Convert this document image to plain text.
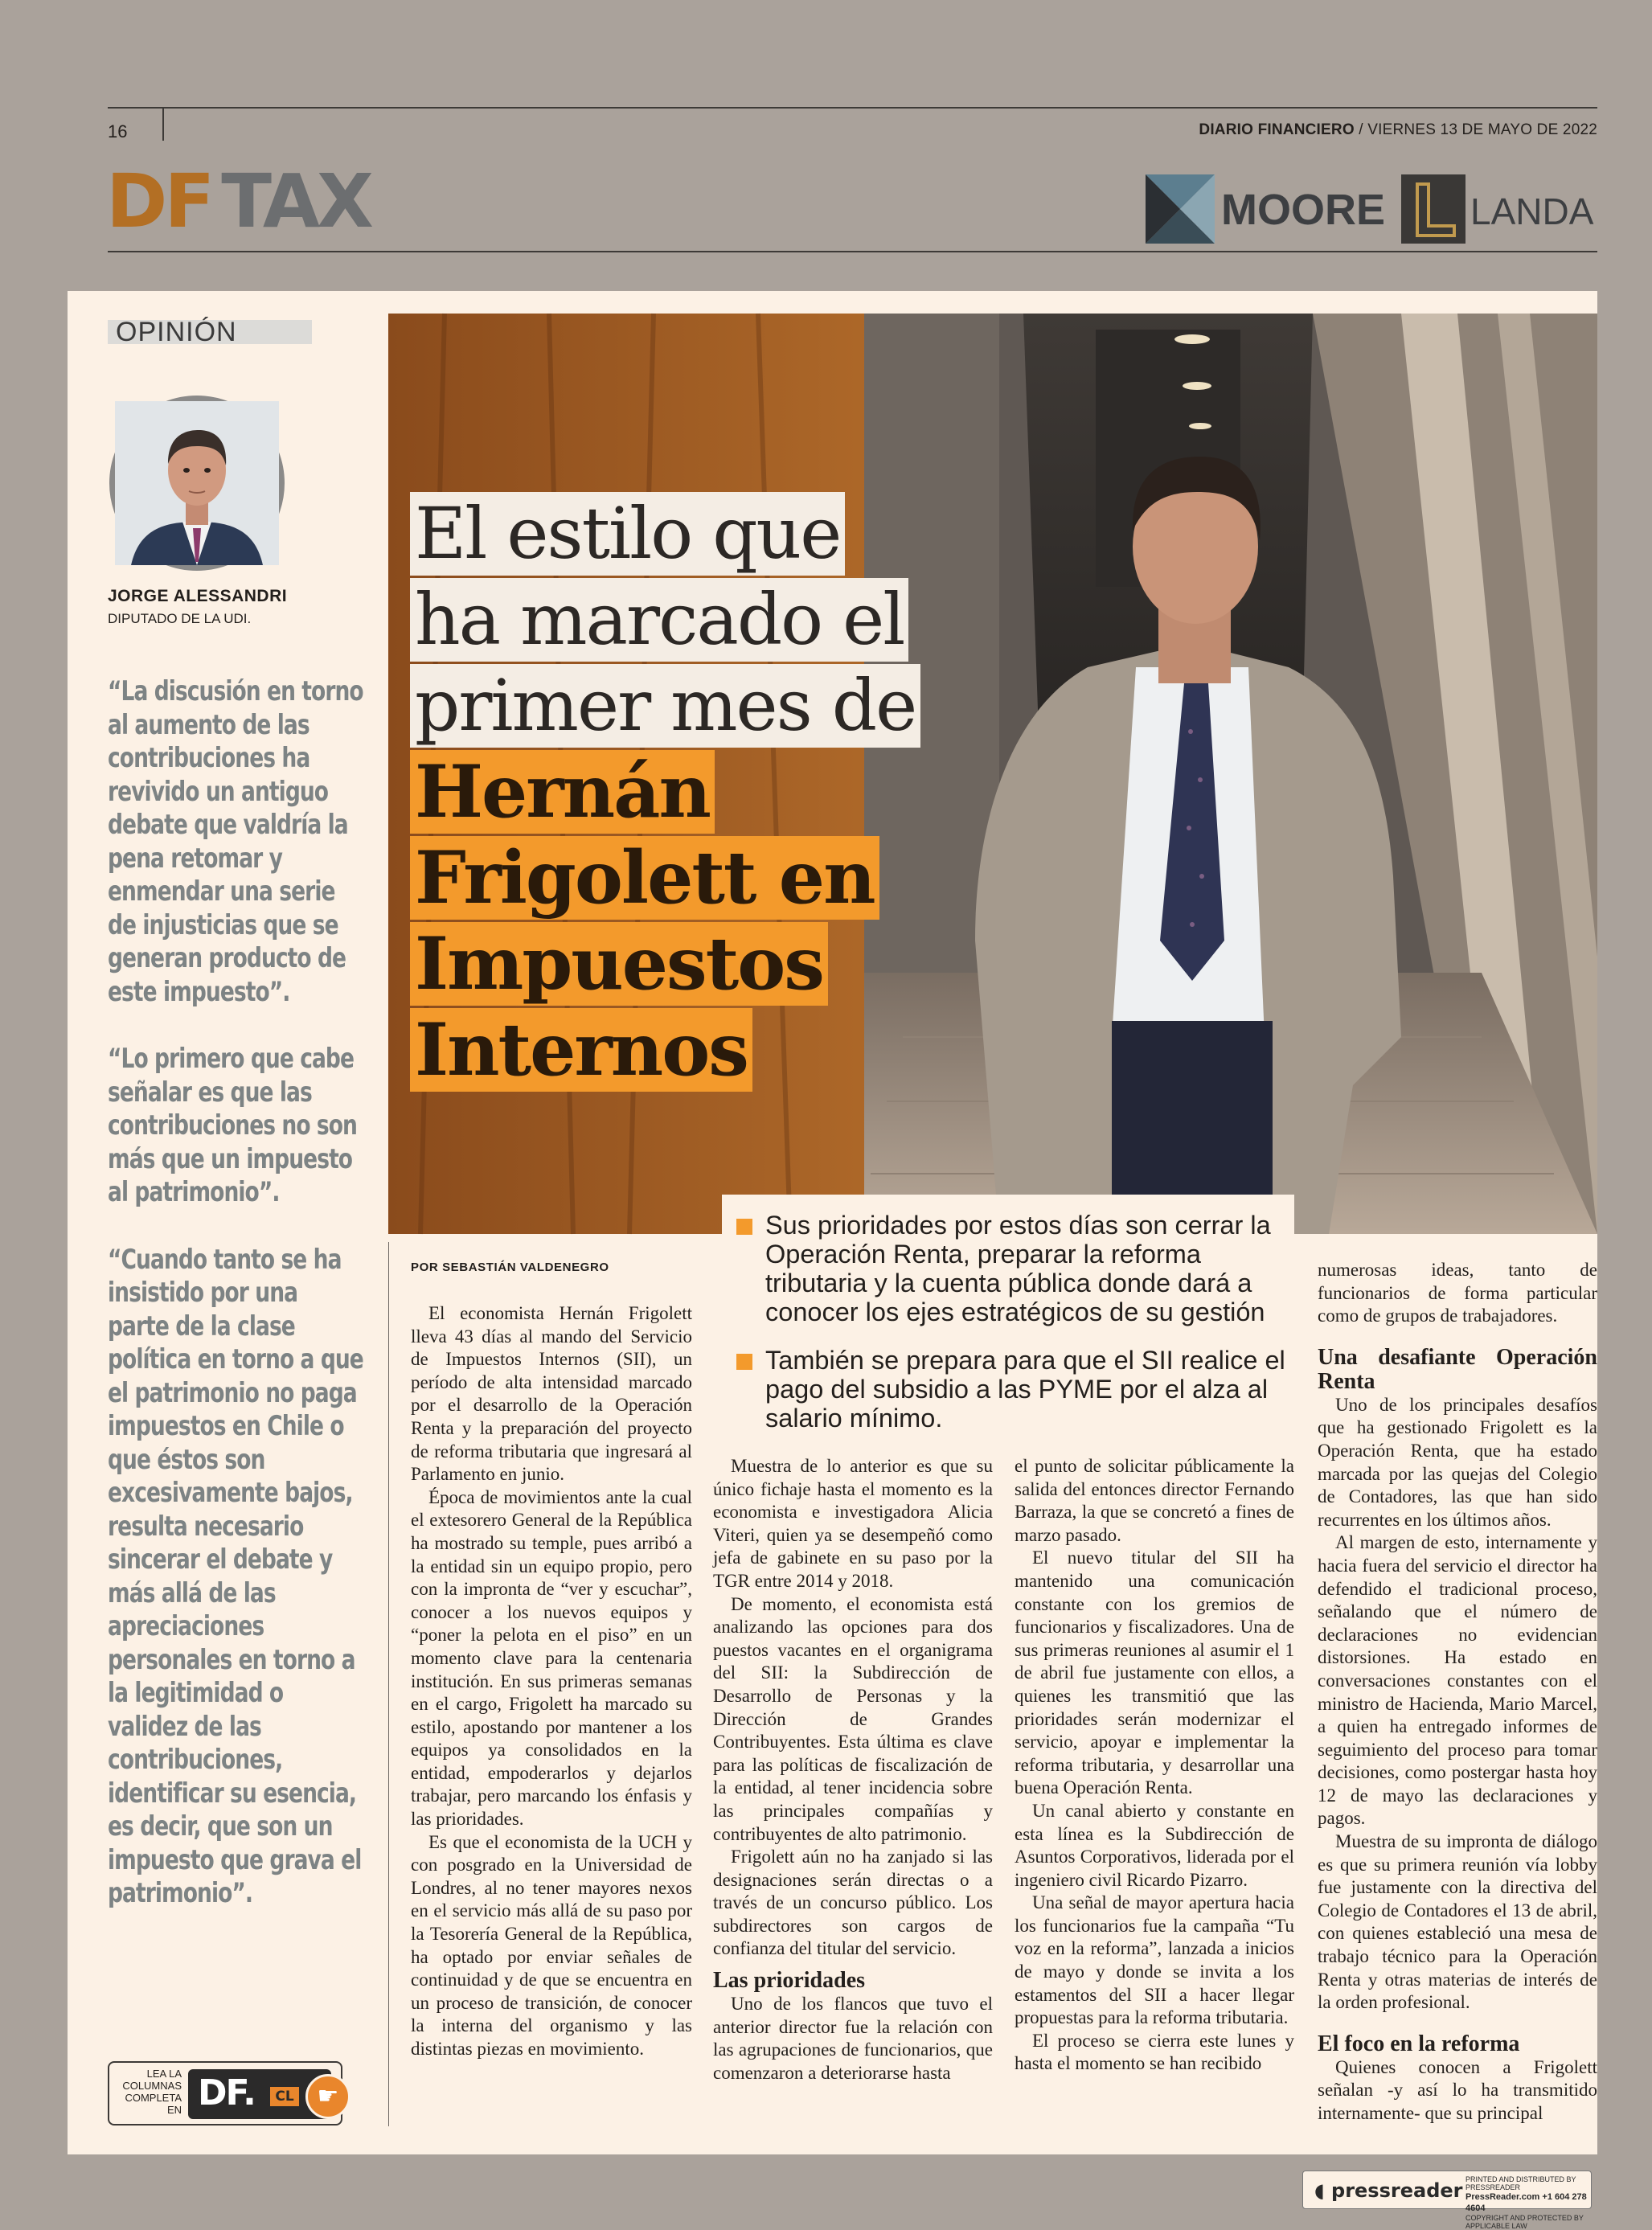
16	DIARIO FINANCIERO / VIERNES 13 DE MAYO DE 2022
DF TAX	MOORE LANDA
OPINIÓN
JORGE ALESSANDRI
DIPUTADO DE LA UDI.

“La discusión en torno al aumento de las contribuciones ha revivido un antiguo debate que valdría la pena retomar y enmendar una serie de injusticias que se generan producto de este impuesto”.

“Lo primero que cabe señalar es que las contribuciones no son más que un impuesto al patrimonio”.

“Cuando tanto se ha insistido por una parte de la clase política en torno a que el patrimonio no paga impuestos en Chile o que éstos son excesivamente bajos, resulta necesario sincerar el debate y más allá de las apreciaciones personales en torno a la legitimidad o validez de las contribuciones, identificar su esencia, es decir, que son un impuesto que grava el patrimonio”.

LEA LA COLUMNAS COMPLETA EN DF.	CL ☛
El estilo que
ha marcado el
primer mes de
Hernán
Frigolett en
Impuestos
Internos
Sus prioridades por estos días son cerrar la Operación Renta, preparar la reforma tributaria y la cuenta pública donde dará a conocer los ejes estratégicos de su gestión
También se prepara para que el SII realice el pago del subsidio a las PYME por el alza al salario mínimo.
POR SEBASTIÁN VALDENEGRO

El economista Hernán Frigolett lleva 43 días al mando del Servicio de Impuestos Internos (SII), un período de alta intensidad marcado por el desarrollo de la Operación Renta y la preparación del proyecto de reforma tributaria que ingresará al Parlamento en junio.

Época de movimientos ante la cual el extesorero General de la República ha mostrado su temple, pues arribó a la entidad sin un equipo propio, pero con la impronta de “ver y escuchar”, conocer a los nuevos equipos y “poner la pelota en el piso” en un momento clave para la centenaria institución. En sus primeras semanas en el cargo, Frigolett ha marcado su estilo, apostando por mantener a los equipos ya consolidados en la entidad, empoderarlos y dejarlos trabajar, pero marcando los énfasis y las prioridades.

Es que el economista de la UCH y con posgrado en la Universidad de Londres, al no tener mayores nexos en el servicio más allá de su paso por la Tesorería General de la República, ha optado por enviar señales de continuidad y de que se encuentra en un proceso de transición, de conocer la interna del organismo y las distintas piezas en movimiento.

Muestra de lo anterior es que su único fichaje hasta el momento es la economista e investigadora Alicia Viteri, quien ya se desempeñó como jefa de gabinete en su paso por la TGR entre 2014 y 2018.

De momento, el economista está analizando las opciones para dos puestos vacantes en el organigrama del SII: la Subdirección de Desarrollo de Personas y la Dirección de Grandes Contribuyentes. Esta última es clave para las políticas de fiscalización de la entidad, al tener incidencia sobre las principales compañías y contribuyentes de alto patrimonio.

Frigolett aún no ha zanjado si las designaciones serán directas o a través de un concurso público. Los subdirectores son cargos de confianza del titular del servicio.

Las prioridades

Uno de los flancos que tuvo el anterior director fue la relación con las agrupaciones de funcionarios, que comenzaron a deteriorarse hasta

el punto de solicitar públicamente la salida del entonces director Fernando Barraza, la que se concretó a fines de marzo pasado.

El nuevo titular del SII ha mantenido una comunicación constante con los gremios de funcionarios y fiscalizadores. Una de sus primeras reuniones al asumir el 1 de abril fue justamente con ellos, a quienes les transmitió que las prioridades serán modernizar el servicio, apoyar e implementar la reforma tributaria, y desarrollar una buena Operación Renta.

Un canal abierto y constante en esta línea es la Subdirección de Asuntos Corporativos, liderada por el ingeniero civil Ricardo Pizarro.

Una señal de mayor apertura hacia los funcionarios fue la campaña “Tu voz en la reforma”, lanzada a inicios de mayo y donde se invita a los estamentos del SII a hacer llegar propuestas para la reforma tributaria.

El proceso se cierra este lunes y hasta el momento se han recibido

numerosas ideas, tanto de funcionarios de forma particular como de grupos de trabajadores.

Una desafiante Operación Renta

Uno de los principales desafíos que ha gestionado Frigolett es la Operación Renta, que ha estado marcada por las quejas del Colegio de Contadores, las que han sido recurrentes en los últimos años.

Al margen de esto, internamente y hacia fuera del servicio el director ha defendido el tradicional proceso, señalando que el número de declaraciones no evidencian distorsiones. Ha estado en conversaciones constantes con el ministro de Hacienda, Mario Marcel, a quien ha entregado informes de seguimiento del proceso para tomar decisiones, como postergar hasta hoy 12 de mayo las declaraciones y pagos.

Muestra de su impronta de diálogo es que su primera reunión vía lobby fue justamente con la directiva del Colegio de Contadores el 13 de abril, con quienes estableció una mesa de trabajo técnico para la Operación Renta y otras materias de interés de la orden profesional.

El foco en la reforma

Quienes conocen a Frigolett señalan -y así lo ha transmitido internamente- que su principal

◖ pressreader PRINTED AND DISTRIBUTED BY PRESSREADER
PressReader.com +1 604 278 4604
COPYRIGHT AND PROTECTED BY APPLICABLE LAW
